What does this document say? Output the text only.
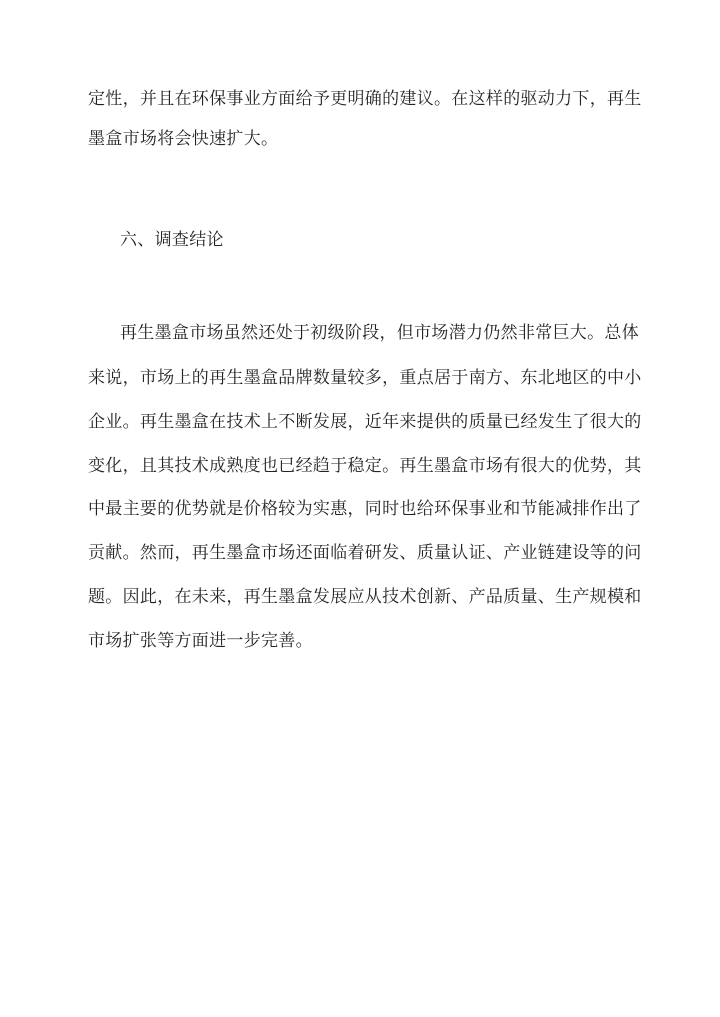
定性，并且在环保事业方面给予更明确的建议。在这样的驱动力下，再生
墨盒市场将会快速扩大。
六、调查结论
再生墨盒市场虽然还处于初级阶段，但市场潜力仍然非常巨大。总体
来说，市场上的再生墨盒品牌数量较多，重点居于南方、东北地区的中小
企业。再生墨盒在技术上不断发展，近年来提供的质量已经发生了很大的
变化，且其技术成熟度也已经趋于稳定。再生墨盒市场有很大的优势，其
中最主要的优势就是价格较为实惠，同时也给环保事业和节能减排作出了
贡献。然而，再生墨盒市场还面临着研发、质量认证、产业链建设等的问
题。因此，在未来，再生墨盒发展应从技术创新、产品质量、生产规模和
市场扩张等方面进一步完善。
